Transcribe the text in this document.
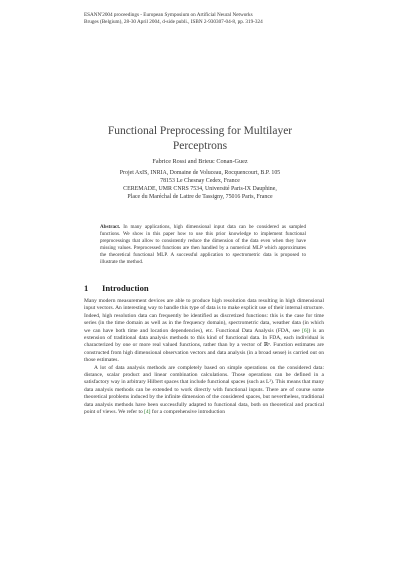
ESANN'2004 proceedings - European Symposium on Artificial Neural Networks
Bruges (Belgium), 28-30 April 2004, d-side publi., ISBN 2-930307-04-8, pp. 319-324
Functional Preprocessing for Multilayer
Perceptrons
Fabrice Rossi and Brieuc Conan-Guez
Projet AxIS, INRIA, Domaine de Voluceau, Rocquencourt, B.P. 105
78153 Le Chesnay Cedex, France
CEREMADE, UMR CNRS 7534, Université Paris-IX Dauphine,
Place du Maréchal de Lattre de Tassigny, 75016 Paris, France
Abstract. In many applications, high dimensional input data can be considered as sampled functions. We show in this paper how to use this prior knowledge to implement functional preprocessings that allow to consistently reduce the dimension of the data even when they have missing values. Preprocessed functions are then handled by a numerical MLP which approximates the theoretical functional MLP. A successful application to spectrometric data is proposed to illustrate the method.
1 Introduction

Many modern measurement devices are able to produce high resolution data resulting in high dimensional input vectors. An interesting way to handle this type of data is to make explicit use of their internal structure. Indeed, high resolution data can frequently be identified as discretized functions: this is the case for time series (in the time domain as well as in the frequency domain), spectrometric data, weather data (in which we can have both time and location dependencies), etc. Functional Data Analysis (FDA, see [6]) is an extension of traditional data analysis methods to this kind of functional data. In FDA, each individual is characterized by one or more real valued functions, rather than by a vector of ℝⁿ. Function estimates are constructed from high dimensional observation vectors and data analysis (in a broad sense) is carried out on those estimates.

A lot of data analysis methods are completely based on simple operations on the considered data: distance, scalar product and linear combination calculations. Those operations can be defined in a satisfactory way in arbitrary Hilbert spaces that include functional spaces (such as L²). This means that many data analysis methods can be extended to work directly with functional inputs. There are of course some theoretical problems induced by the infinite dimension of the considered spaces, but nevertheless, traditional data analysis methods have been successfully adapted to functional data, both on theoretical and practical point of views. We refer to [4] for a comprehensive introduction
